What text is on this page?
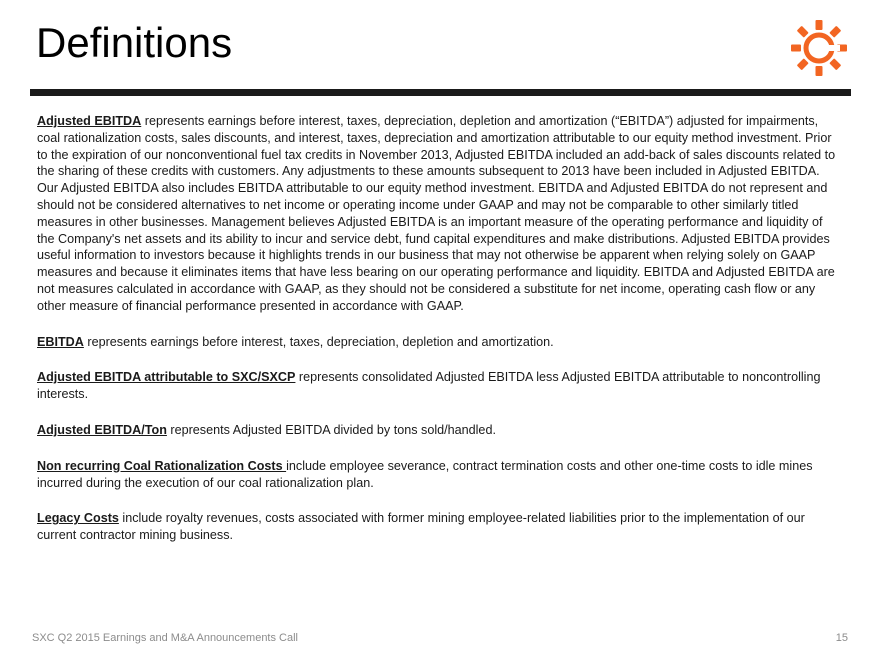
Definitions

Adjusted EBITDA represents earnings before interest, taxes, depreciation, depletion and amortization (“EBITDA”) adjusted for impairments, coal rationalization costs, sales discounts, and interest, taxes, depreciation and amortization attributable to our equity method investment. Prior to the expiration of our nonconventional fuel tax credits in November 2013, Adjusted EBITDA included an add-back of sales discounts related to the sharing of these credits with customers. Any adjustments to these amounts subsequent to 2013 have been included in Adjusted EBITDA. Our Adjusted EBITDA also includes EBITDA attributable to our equity method investment. EBITDA and Adjusted EBITDA do not represent and should not be considered alternatives to net income or operating income under GAAP and may not be comparable to other similarly titled measures in other businesses. Management believes Adjusted EBITDA is an important measure of the operating performance and liquidity of the Company's net assets and its ability to incur and service debt, fund capital expenditures and make distributions. Adjusted EBITDA provides useful information to investors because it highlights trends in our business that may not otherwise be apparent when relying solely on GAAP measures and because it eliminates items that have less bearing on our operating performance and liquidity. EBITDA and Adjusted EBITDA are not measures calculated in accordance with GAAP, as they should not be considered a substitute for net income, operating cash flow or any other measure of financial performance presented in accordance with GAAP.

EBITDA represents earnings before interest, taxes, depreciation, depletion and amortization.

Adjusted EBITDA attributable to SXC/SXCP represents consolidated Adjusted EBITDA less Adjusted EBITDA attributable to noncontrolling interests.

Adjusted EBITDA/Ton represents Adjusted EBITDA divided by tons sold/handled.

Non recurring Coal Rationalization Costs include employee severance, contract termination costs and other one-time costs to idle mines incurred during the execution of our coal rationalization plan.

Legacy Costs include royalty revenues, costs associated with former mining employee-related liabilities prior to the implementation of our current contractor mining business.

SXC Q2 2015 Earnings and M&A Announcements Call	15
